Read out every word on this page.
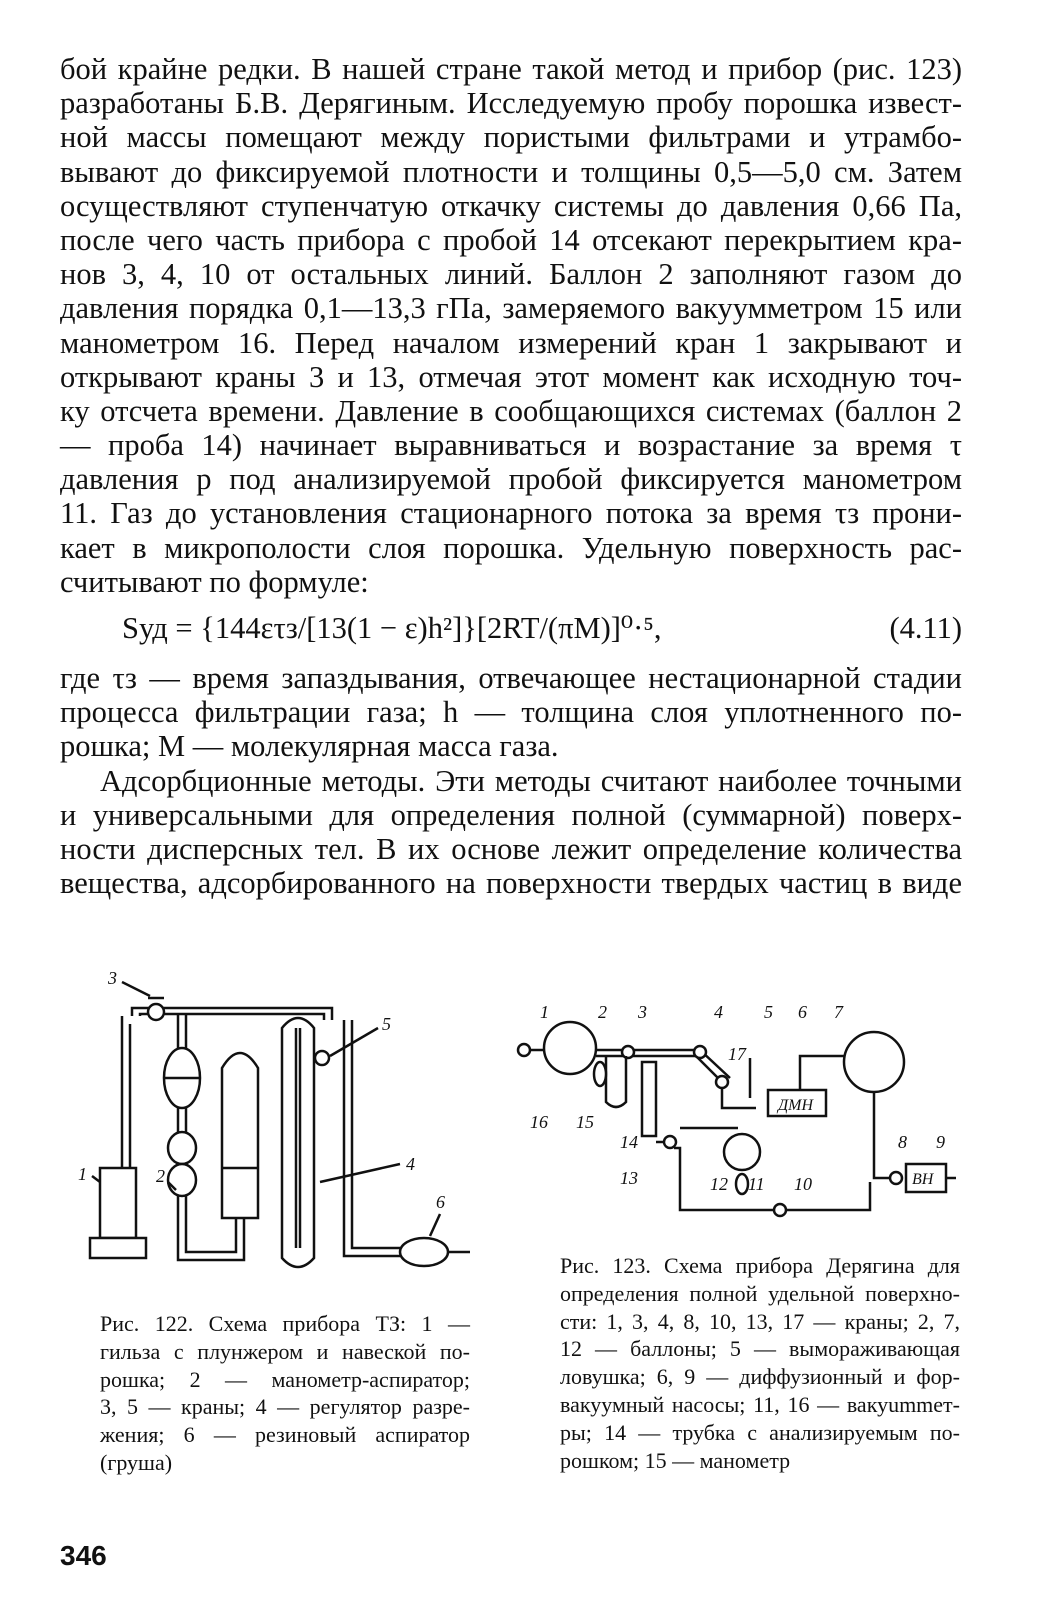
бой крайне редки. В нашей стране такой метод и прибор (рис. 123)
разработаны Б.В. Дерягиным. Исследуемую пробу порошка извест-
ной массы помещают между пористыми фильтрами и утрамбо-
вывают до фиксируемой плотности и толщины 0,5—5,0 см. Затем
осуществляют ступенчатую откачку системы до давления 0,66 Па,
после чего часть прибора с пробой 14 отсекают перекрытием кра-
нов 3, 4, 10 от остальных линий. Баллон 2 заполняют газом до
давления порядка 0,1—13,3 гПа, замеряемого вакуумметром 15 или
манометром 16. Перед началом измерений кран 1 закрывают и
открывают краны 3 и 13, отмечая этот момент как исходную точ-
ку отсчета времени. Давление в сообщающихся системах (баллон 2
— проба 14) начинает выравниваться и возрастание за время τ
давления p под анализируемой пробой фиксируется манометром
11. Газ до установления стационарного потока за время τз прони-
кает в микрополости слоя порошка. Удельную поверхность рас-
считывают по формуле:
Sуд = {144ετз/[13(1 − ε)h²]}[2RT/(πM)]⁰·⁵,	(4.11)
где τз — время запаздывания, отвечающее нестационарной стадии
процесса фильтрации газа; h — толщина слоя уплотненного по-
рошка; M — молекулярная масса газа.
Адсорбционные методы. Эти методы считают наиболее точными
и универсальными для определения полной (суммарной) поверх-
ности дисперсных тел. В их основе лежит определение количества
вещества, адсорбированного на поверхности твердых частиц в виде
3
5
4
1	2
6
Рис. 122. Схема прибора ТЗ: 1 —
гильза с плунжером и навеской по-
рошка; 2 — манометр-аспиратор;
3, 5 — краны; 4 — регулятор разре-
жения; 6 — резиновый аспиратор
(груша)
ДМН
ВН
1	2 3	4 5 6 7
8 9
10
11
12
13
14
15
16
17
Рис. 123. Схема прибора Дерягина для
определения полной удельной поверхно-
сти: 1, 3, 4, 8, 10, 13, 17 — краны; 2, 7,
12 — баллоны; 5 — вымораживающая
ловушка; 6, 9 — диффузионный и фор-
вакуумный насосы; 11, 16 — вакуummет-
ры; 14 — трубка с анализируемым по-
рошком; 15 — манометр
346
